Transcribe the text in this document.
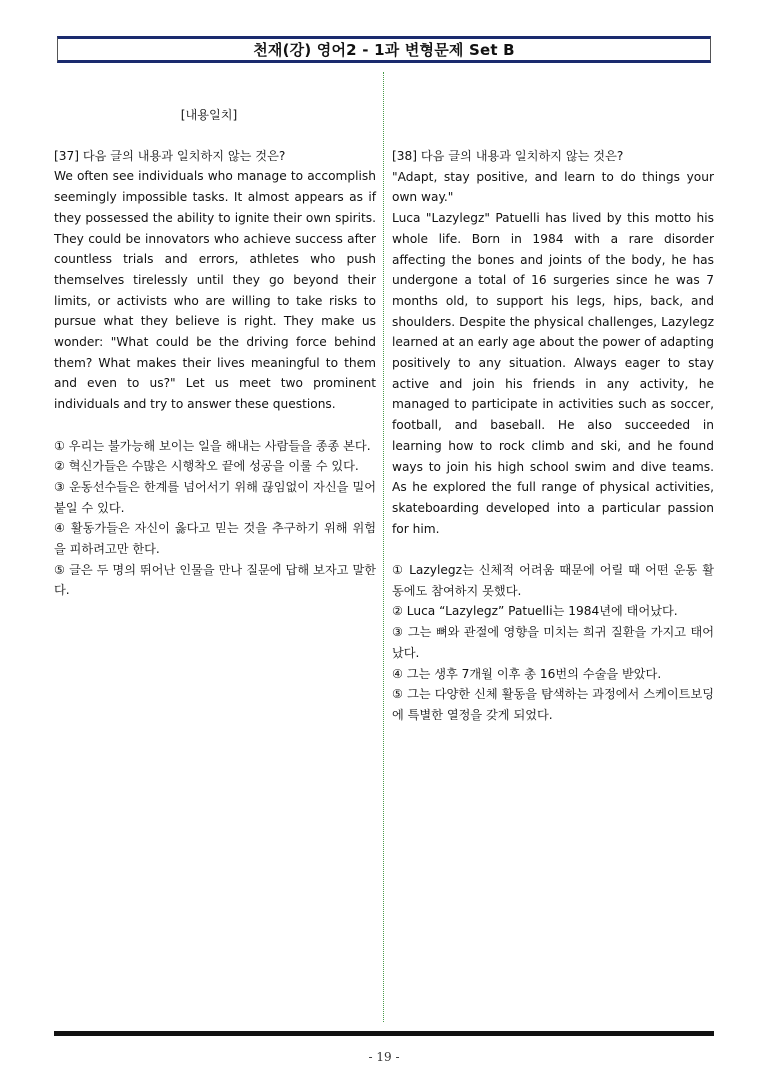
천재(강) 영어2 - 1과 변형문제 Set B
[내용일치]

[37] 다음 글의 내용과 일치하지 않는 것은?

We often see individuals who manage to accomplish seemingly impossible tasks. It almost appears as if they possessed the ability to ignite their own spirits. They could be innovators who achieve success after countless trials and errors, athletes who push themselves tirelessly until they go beyond their limits, or activists who are willing to take risks to pursue what they believe is right. They make us wonder: "What could be the driving force behind them? What makes their lives meaningful to them and even to us?" Let us meet two prominent individuals and try to answer these questions.

① 우리는 불가능해 보이는 일을 해내는 사람들을 종종 본다.

② 혁신가들은 수많은 시행착오 끝에 성공을 이룰 수 있다.

③ 운동선수들은 한계를 넘어서기 위해 끊임없이 자신을 밀어붙일 수 있다.

④ 활동가들은 자신이 옳다고 믿는 것을 추구하기 위해 위험을 피하려고만 한다.

⑤ 글은 두 명의 뛰어난 인물을 만나 질문에 답해 보자고 말한다.

[38] 다음 글의 내용과 일치하지 않는 것은?

"Adapt, stay positive, and learn to do things your own way."

Luca "Lazylegz" Patuelli has lived by this motto his whole life. Born in 1984 with a rare disorder affecting the bones and joints of the body, he has undergone a total of 16 surgeries since he was 7 months old, to support his legs, hips, back, and shoulders. Despite the physical challenges, Lazylegz learned at an early age about the power of adapting positively to any situation. Always eager to stay active and join his friends in any activity, he managed to participate in activities such as soccer, football, and baseball. He also succeeded in learning how to rock climb and ski, and he found ways to join his high school swim and dive teams. As he explored the full range of physical activities, skateboarding developed into a particular passion for him.

① Lazylegz는 신체적 어려움 때문에 어릴 때 어떤 운동 활동에도 참여하지 못했다.

② Luca “Lazylegz” Patuelli는 1984년에 태어났다.

③ 그는 뼈와 관절에 영향을 미치는 희귀 질환을 가지고 태어났다.

④ 그는 생후 7개월 이후 총 16번의 수술을 받았다.

⑤ 그는 다양한 신체 활동을 탐색하는 과정에서 스케이트보딩에 특별한 열정을 갖게 되었다.

- 19 -
